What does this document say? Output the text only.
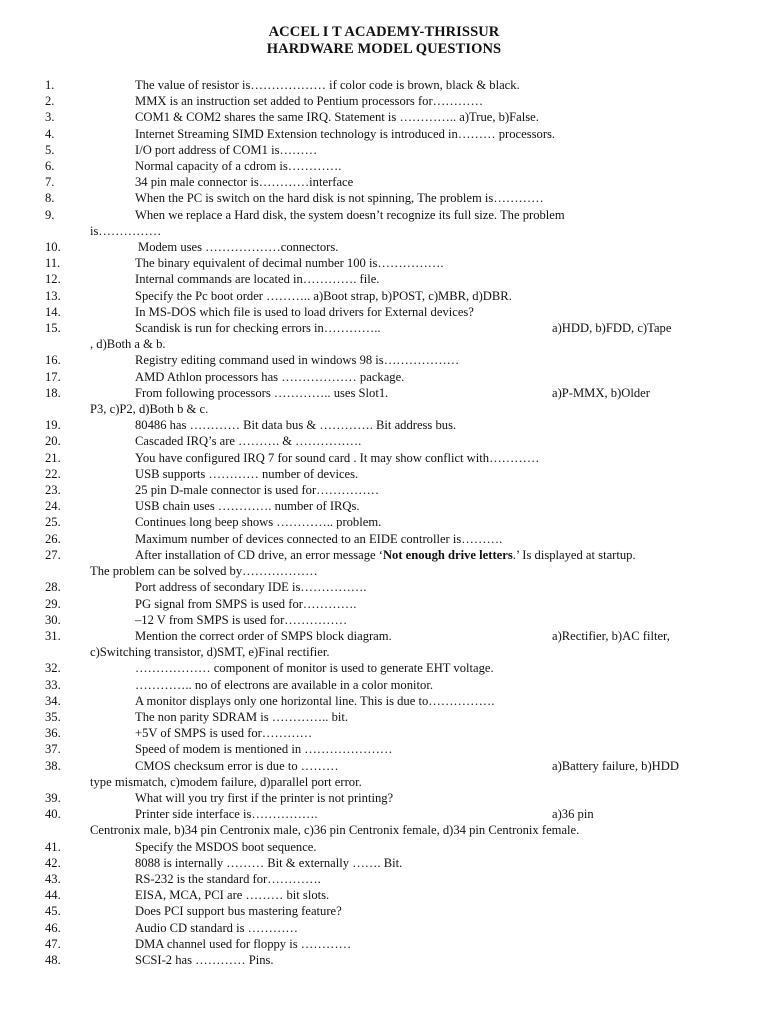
ACCEL I T ACADEMY-THRISSUR
HARDWARE MODEL QUESTIONS
1.	The value of resistor is……………… if color code is brown, black & black.
2.	MMX is an instruction set added to Pentium processors for…………
3.	COM1 & COM2 shares the same IRQ. Statement is ………….. a)True, b)False.
4.	Internet Streaming SIMD Extension technology is introduced in……… processors.
5.	I/O port address of COM1 is………
6.	Normal capacity of a cdrom is………….
7.	34 pin male connector is…………interface
8.	When the PC is switch on the hard disk is not spinning, The problem is…………
9.	When we replace a Hard disk, the system doesn’t recognize its full size. The problem
is……………
10.	Modem uses ………………connectors.
11.	The binary equivalent of decimal number 100 is…………….
12.	Internal commands are located in…………. file.
13.	Specify the Pc boot order ……….. a)Boot strap, b)POST, c)MBR, d)DBR.
14.	In MS-DOS which file is used to load drivers for External devices?
15.	Scandisk is run for checking errors in…………..	a)HDD, b)FDD, c)Tape
, d)Both a & b.
16.	Registry editing command used in windows 98 is………………
17.	AMD Athlon processors has ……………… package.
18.	From following processors ………….. uses Slot1.	a)P-MMX, b)Older
P3, c)P2, d)Both b & c.
19.	80486 has ………… Bit data bus & …………. Bit address bus.
20.	Cascaded IRQ’s are ………. & …………….
21.	You have configured IRQ 7 for sound card . It may show conflict with…………
22.	USB supports ………… number of devices.
23.	25 pin D-male connector is used for……………
24.	USB chain uses …………. number of IRQs.
25.	Continues long beep shows ………….. problem.
26.	Maximum number of devices connected to an EIDE controller is……….
27.	After installation of CD drive, an error message ‘Not enough drive letters.’ Is displayed at startup.
The problem can be solved by………………
28.	Port address of secondary IDE is…………….
29.	PG signal from SMPS is used for………….
30.	–12 V from SMPS is used for……………
31.	Mention the correct order of SMPS block diagram.	a)Rectifier, b)AC filter,
c)Switching transistor, d)SMT, e)Final rectifier.
32.	……………… component of monitor is used to generate EHT voltage.
33.	………….. no of electrons are available in a color monitor.
34.	A monitor displays only one horizontal line. This is due to…………….
35.	The non parity SDRAM is ………….. bit.
36.	+5V of SMPS is used for…………
37.	Speed of modem is mentioned in …………………
38.	CMOS checksum error is due to ………	a)Battery failure, b)HDD
type mismatch, c)modem failure, d)parallel port error.
39.	What will you try first if the printer is not printing?
40.	Printer side interface is…………….	a)36 pin
Centronix male, b)34 pin Centronix male, c)36 pin Centronix female, d)34 pin Centronix female.
41.	Specify the MSDOS boot sequence.
42.	8088 is internally ……… Bit & externally ……. Bit.
43.	RS-232 is the standard for………….
44.	EISA, MCA, PCI are ……… bit slots.
45.	Does PCI support bus mastering feature?
46.	Audio CD standard is …………
47.	DMA channel used for floppy is …………
48.	SCSI-2 has ………… Pins.
